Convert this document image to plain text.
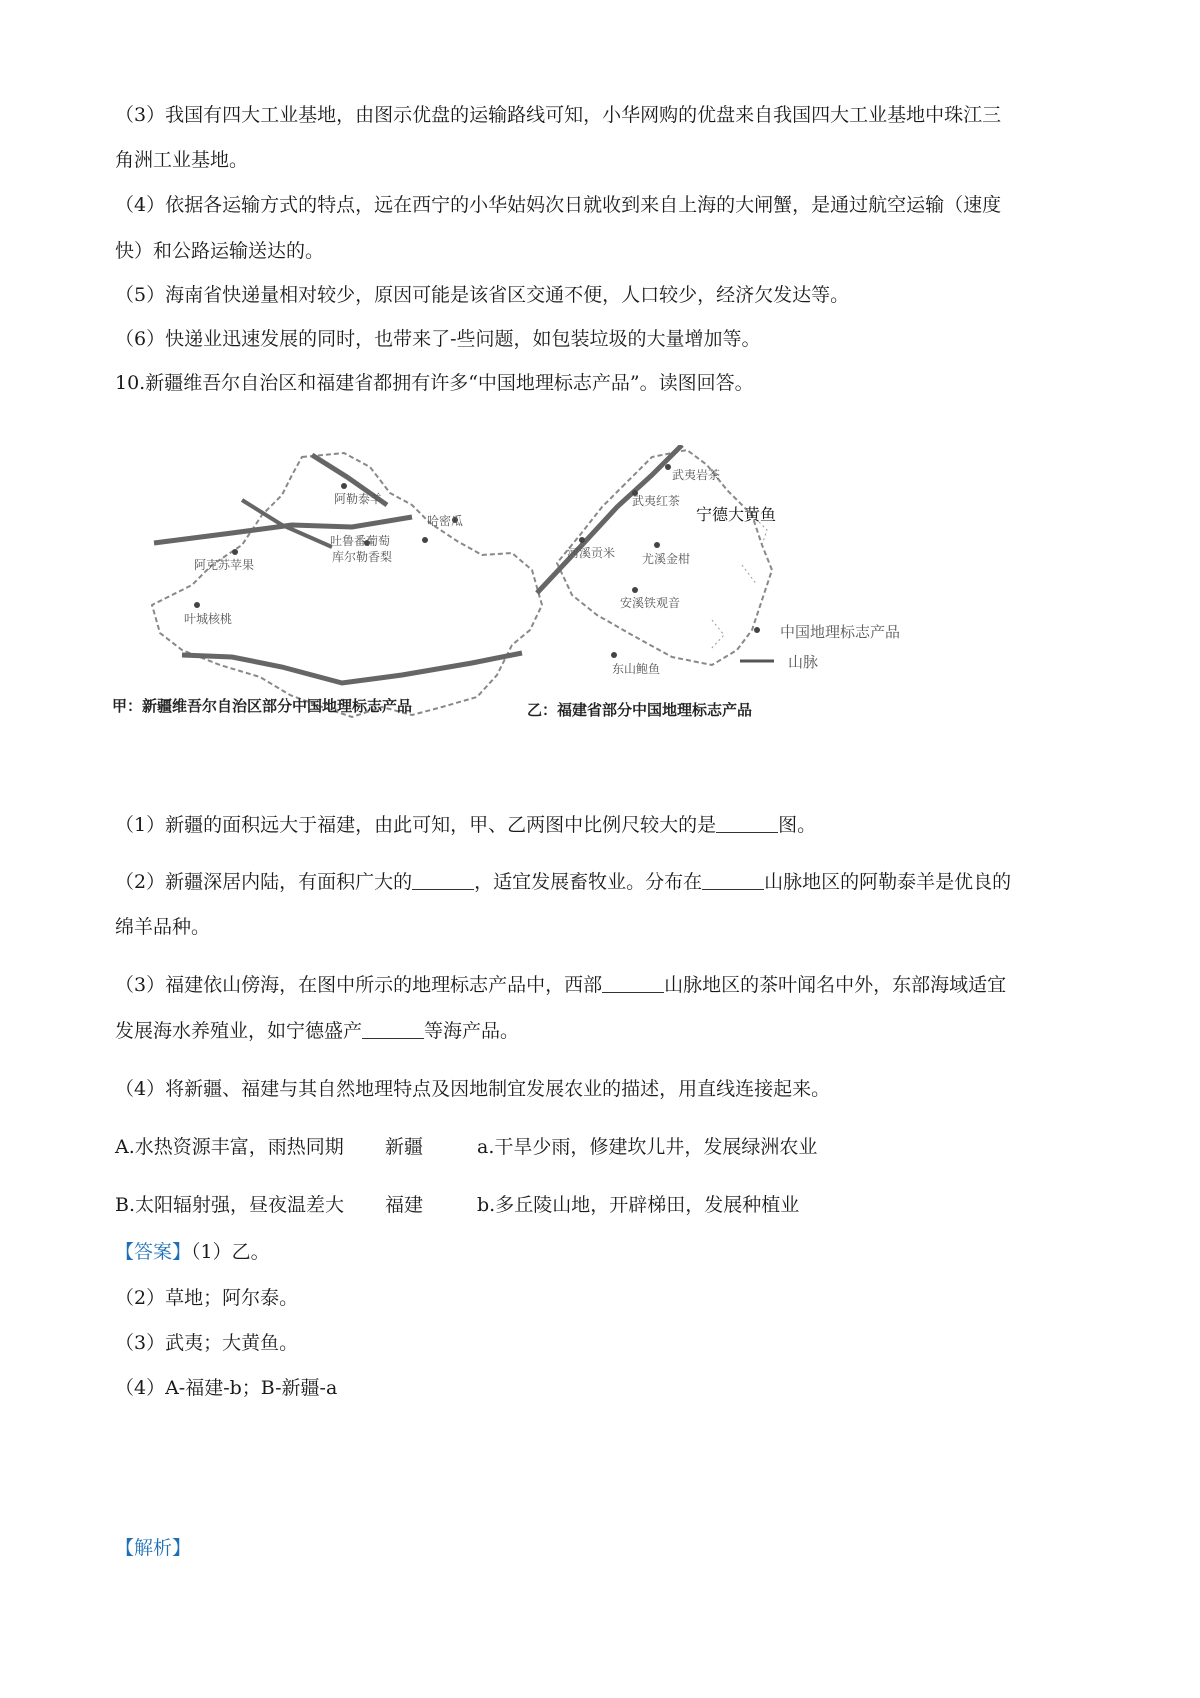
（3）我国有四大工业基地，由图示优盘的运输路线可知，小华网购的优盘来自我国四大工业基地中珠江三
角洲工业基地。
（4）依据各运输方式的特点，远在西宁的小华姑妈次日就收到来自上海的大闸蟹，是通过航空运输（速度
快）和公路运输送达的。
（5）海南省快递量相对较少，原因可能是该省区交通不便，人口较少，经济欠发达等。
（6）快递业迅速发展的同时，也带来了-些问题，如包装垃圾的大量增加等。
10.新疆维吾尔自治区和福建省都拥有许多“中国地理标志产品”。读图回答。
阿勒泰羊
哈密瓜
吐鲁番葡萄
库尔勒香梨
阿克苏苹果
叶城核桃
武夷岩茶
武夷红茶
宁德大黄鱼
河溪贡米 尤溪金柑
安溪铁观音
东山鲍鱼
中国地理标志产品
山脉
甲：新疆维吾尔自治区部分中国地理标志产品	乙：福建省部分中国地理标志产品
（1）新疆的面积远大于福建，由此可知，甲、乙两图中比例尺较大的是	图。
（2）新疆深居内陆，有面积广大的	，适宜发展畜牧业。分布在	山脉地区的阿勒泰羊是优良的
绵羊品种。
（3）福建依山傍海，在图中所示的地理标志产品中，西部	山脉地区的茶叶闻名中外，东部海域适宜
发展海水养殖业，如宁德盛产	等海产品。
（4）将新疆、福建与其自然地理特点及因地制宜发展农业的描述，用直线连接起来。
A.水热资源丰富，雨热同期 新疆	a.干旱少雨，修建坎儿井，发展绿洲农业
B.太阳辐射强，昼夜温差大 福建	b.多丘陵山地，开辟梯田，发展种植业
【答案】（1）乙。
（2）草地；阿尔泰。
（3）武夷；大黄鱼。
（4）A-福建-b；B-新疆-a
【解析】
